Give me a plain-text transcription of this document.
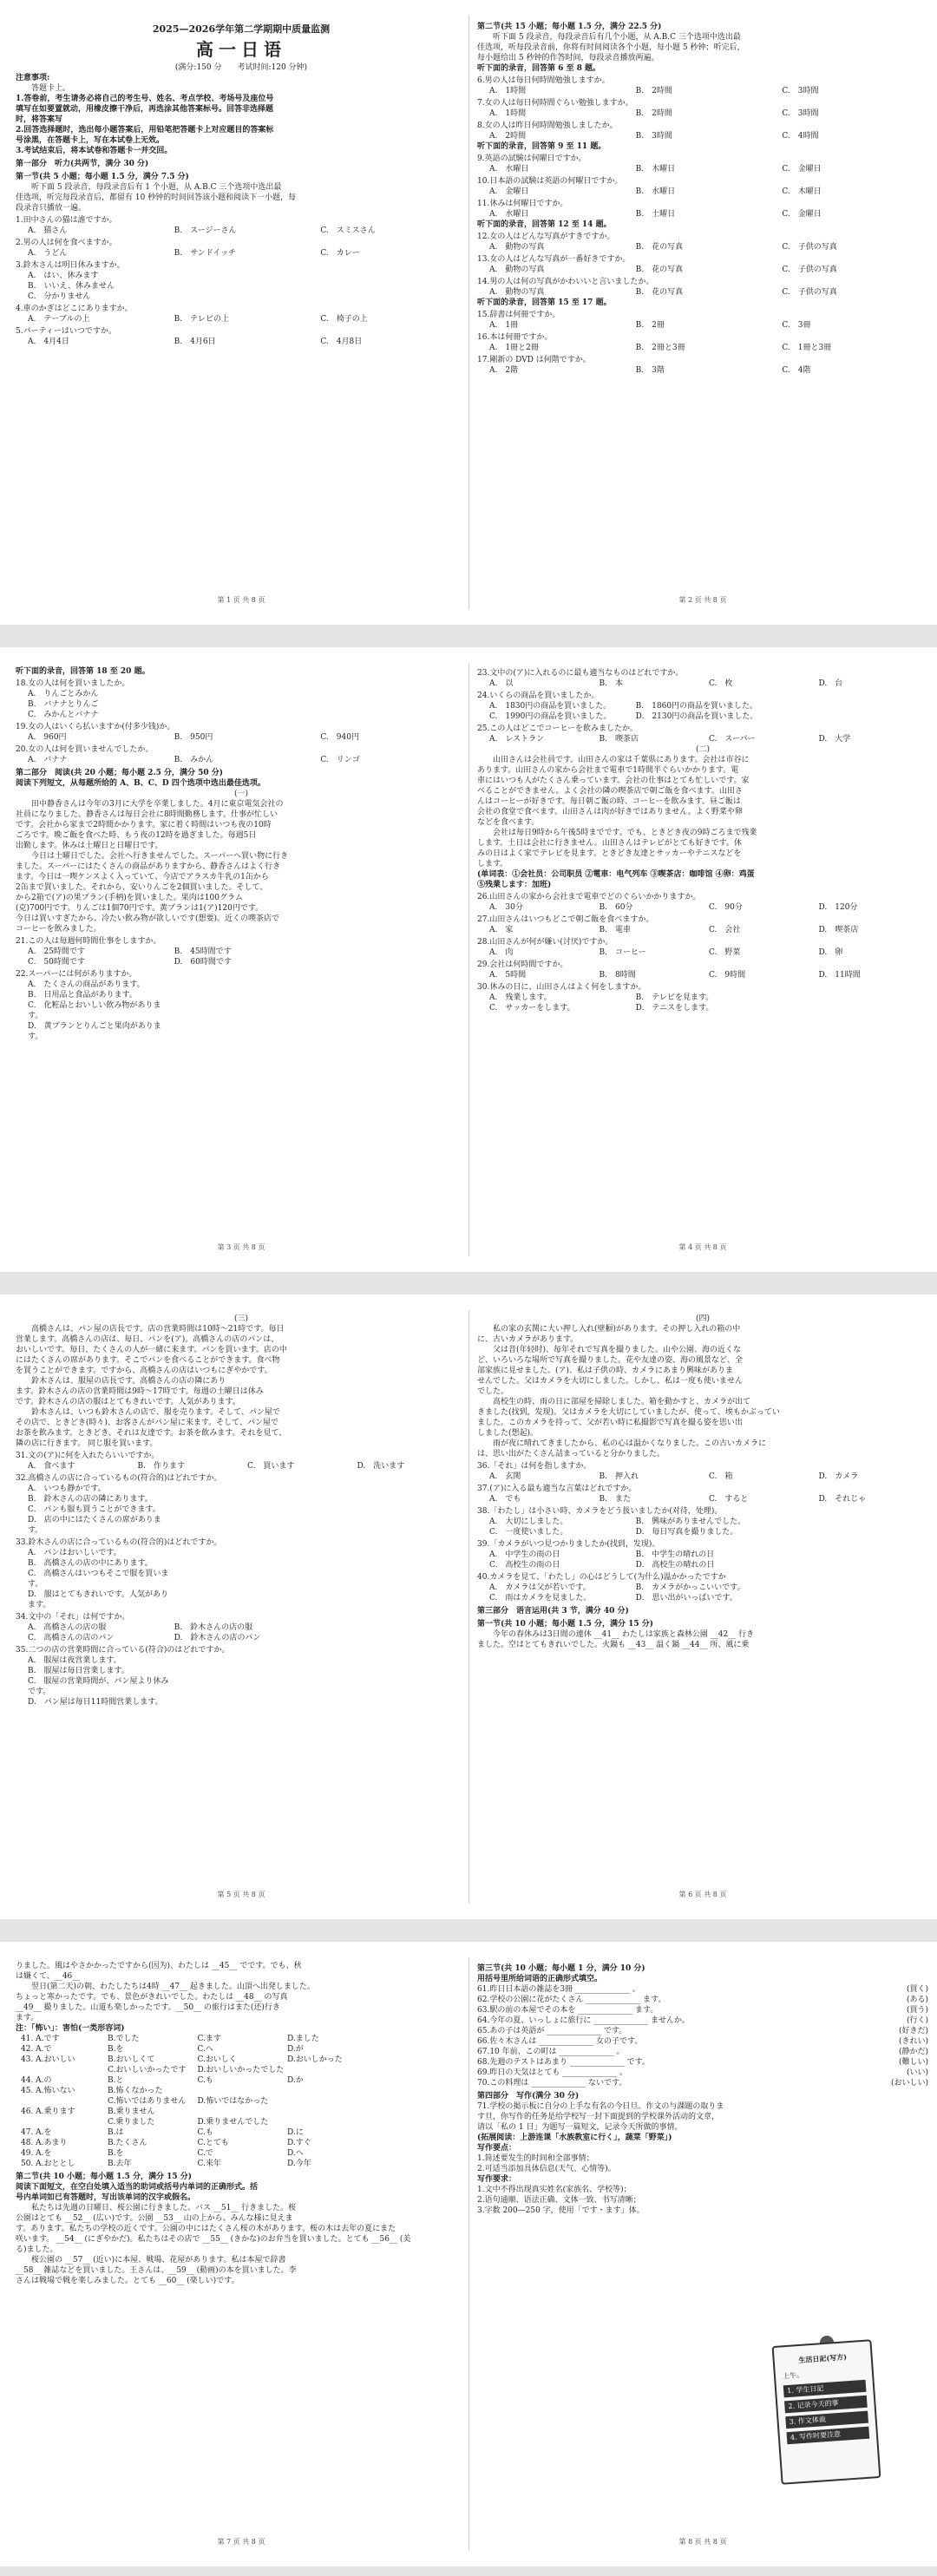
2025—2026学年第二学期期中质量监测
高一日语
(满分:150 分　　考试时间:120 分钟)
注意事项:
答题卡上。
1.答卷前，考生请务必将自己的考生号、姓名、考点学校、考场号及座位号
填写在如要置就动，用橡皮擦干净后，再选涂其他答案标号。回答非选择题
时，将答案写
2.回答选择题时，选出每小题答案后，用铅笔把答题卡上对应题目的答案标
号涂黑，在答题卡上，写在本试卷上无效。
3.考试结束后，将本试卷和答题卡一并交回。
第一部分　听力(共两节，满分 30 分)
第一节(共 5 小题；每小题 1.5 分，满分 7.5 分)
听下面 5 段录音，每段录音后有 1 个小题，从 A.B.C 三个选项中选出最
佳选项，听完每段录音后，都留有 10 秒钟的时间回答该小题和阅读下一小题，每
段录音只播放一遍。
1.田中さんの猫は誰ですか。
A.　猫さん	B.　スージーさん	C.　スミスさん
2.男の人は何を食べますか。
A.　うどん	B.　サンドイッチ	C.　カレー
3.鈴木さんは明日休みますか。
A.　はい、休みます
B.　いいえ、休みません
C.　分かりません
4.車のかぎはどこにありますか。
A.　テーブルの上	B.　テレビの上	C.　椅子の上
5.パーティーはいつですか。
A.　4月4日	B.　4月6日	C.　4月8日
第 1 页 共 8 页
第二节(共 15 小题；每小题 1.5 分，满分 22.5 分)
听下面 5 段录音，每段录音后有几个小题，从 A.B.C 三个选项中选出最
佳选项，听每段录音前，你将有时间阅读各个小题，每小题 5 秒钟；听完后，
每小题给出 5 秒钟的作答时间，每段录音播放两遍。
听下面的录音，回答第 6 至 8 题。
6.男の人は毎日何時間勉強しますか。
A.　1時間	B.　2時間	C.　3時間
7.女の人は毎日何時間ぐらい勉強しますか。
A.　1時間	B.　2時間	C.　3時間
8.女の人は昨日何時間勉強しましたか。
A.　2時間	B.　3時間	C.　4時間
听下面的录音，回答第 9 至 11 题。
9.英語の試験は何曜日ですか。
A.　水曜日	B.　木曜日	C.　金曜日
10.日本語の試験は英語の何曜日ですか。
A.　金曜日	B.　水曜日	C.　木曜日
11.休みは何曜日ですか。
A.　水曜日	B.　土曜日	C.　金曜日
听下面的录音，回答第 12 至 14 题。
12.女の人はどんな写真がすきですか。
A.　動物の写真	B.　花の写真	C.　子供の写真
13.女の人はどんな写真が一番好きですか。
A.　動物の写真	B.　花の写真	C.　子供の写真
14.男の人は何の写真がかわいいと言いましたか。
A.　動物の写真	B.　花の写真	C.　子供の写真
听下面的录音，回答第 15 至 17 题。
15.辞書は何冊ですか。
A.　1冊	B.　2冊	C.　3冊
16.本は何冊ですか。
A.　1冊と2冊	B.　2冊と3冊	C.　1冊と3冊
17.剛新の DVD は何階ですか。
A.　2階	B.　3階	C.　4階
第 2 页 共 8 页
听下面的录音，回答第 18 至 20 题。
18.女の人は何を買いましたか。
A.　りんごとみかん
B.　バナナとりんご
C.　みかんとバナナ
19.女の人はいくら払いますか(付多少钱)か。
A.　960円	B.　950円	C.　940円
20.女の人は何を買いませんでしたか。
A.　バナナ	B.　みかん	C.　リンゴ
第二部分　阅读(共 20 小题；每小题 2.5 分，满分 50 分)
阅读下列短文，从每题所给的 A、B、C、D 四个选项中选出最佳选项。
(一)
田中静香さんは今年の3月に大学を卒業しました。4月に東京電気会社の
社員になりました。静香さんは毎日会社に8時間勤務します。仕事が忙しい
です。会社から家まで2時間かかります。家に着く時間はいつも夜の10時
ごろです。晩ご飯を食べた時、もう夜の12時を過ぎました。毎週5日
出勤します。休みは土曜日と日曜日です。
今日は土曜日でした。会社へ行きませんでした。スーパーへ買い物に行き
ました。スーパーにはたくさんの商品がありますから、静香さんはよく行き
ます。今日は一喫ケンスよく入っていて、今店でアラスカ牛乳の1缶から
2缶まで買いました。それから、安いりんごを2個買いました。そして、
から2箱で(ア)の果プラン(手柄)を買いました。果肉は100グラム
(克)700円です。りんごは1個70円です。黄プランは1(ア)120円です。
今日は買いすぎたから、冷たい飲み物が欲しいです(想要)。近くの喫茶店で
コーヒーを飲みました。
21.この人は毎週何時間仕事をしますか。
A.　25時間です	B.　45時間です
C.　50時間です	D.　60時間です
22.スーパーには何がありますか。
A.　たくさんの商品があります。
B.　日用品と食品があります。
C.　化粧品とおいしい飲み物があります。
D.　黄プランとりんごと果肉があります。
第 3 页 共 8 页
23.文中の(ア)に入れるのに最も適当なものはどれですか。
A.　以	B.　本	C.　枚	D.　台
24.いくらの商品を買いましたか。
A.　1830円の商品を買いました。	B.　1860円の商品を買いました。
C.　1990円の商品を買いました。	D.　2130円の商品を買いました。
25.この人はどこでコーヒーを飲みましたか。
A.　レストラン	B.　喫茶店	C.　スーパー	D.　大学
(二)
山田さんは会社員です。山田さんの家は千葉県にあります。会社は市谷に
あります。山田さんの家から会社まで電車で1時間半ぐらいかかります。電
車にはいつも人がたくさん乗っています。会社の仕事はとても忙しいです。家
べることができません。よく会社の隣の喫茶店で朝ご飯を食べます。山田さ
んはコーヒーが好きです。毎日朝ご飯の時、コーヒーを飲みます。昼ご飯は
会社の食堂で食べます。山田さんは肉が好きではありません。よく野菜や卵
などを食べます。
会社は毎日9時から午後5時までです。でも、ときどき夜の9時ごろまで残業
します。土日は会社に行きません。山田さんはテレビがとても好きです。休
みの日はよく家でテレビを見ます。ときどき友達とサッカーやテニスなどを
します。
(单词表：①会社员：公司职员 ②電車：电气列车 ③喫茶店：咖啡馆 ④卵：鸡蛋
⑤残業します：加班)
26.山田さんの家から会社まで電車でどのぐらいかかりますか。
A.　30分	B.　60分	C.　90分	D.　120分
27.山田さんはいつもどこで朝ご飯を食べますか。
A.　家	B.　電車	C.　会社	D.　喫茶店
28.山田さんが何が嫌い(讨厌)ですか。
A.　肉	B.　コーヒー	C.　野菜	D.　卵
29.会社は何時間ですか。
A.　5時間	B.　8時間	C.　9時間	D.　11時間
30.休みの日に、山田さんはよく何をしますか。
A.　残業します。	B.　テレビを見ます。
C.　サッカーをします。	D.　テニスをします。
第 4 页 共 8 页
(三)
高橋さんは、パン屋の店長です。店の営業時間は10時～21時です。毎日
営業します。高橋さんの店は、毎日、パンを(ア)。高橋さんの店のパンは、
おいしいです。毎日、たくさんの人が一緒に来ます。パンを買います。店の中
にはたくさんの席があります。そこでパンを食べることができます。食べ物
を買うことができます。ですから、高橋さんの店はいつもにぎやかです。
鈴木さんは、服屋の店長です。高橋さんの店の隣にあり
ます。鈴木さんの店の営業時間は9時～17時です。毎週の土曜日は休み
です。鈴木さんの店の服はとてもきれいです。人気があります。
鈴木さんは、いつも鈴木さんの店で、服を売ります。そして、パン屋で
その店で、ときどき(時々)、お客さんがパン屋に来ます。そして、パン屋で
お茶を飲みます。ときどき、それは友達です。お茶を飲みます。それを見て、
隣の店に行きます。 同じ服を買います。
31.文の(ア)に何を入れたらいいですか。
A.　食べます	B.　作ります	C.　買います	D.　洗います
32.高橋さんの店に合っているもの(符合的)はどれですか。
A.　いつも静かです。
B.　鈴木さんの店の隣にあります。
C.　パンも服も買うことができます。
D.　店の中にはたくさんの席があります。
33.鈴木さんの店に合っているもの(符合的)はどれですか。
A.　パンはおいしいです。
B.　高橋さんの店の中にあります。
C.　高橋さんはいつもそこで服を買います。
D.　服はとてもきれいです。人気があります。
34.文中の「それ」は何ですか。
A.　高橋さんの店の服	B.　鈴木さんの店の服
C.　高橋さんの店のパン	D.　鈴木さんの店のパン
35.二つの店の営業時間に合っている(符合)のはどれですか。
A.　服屋は夜営業します。
B.　服屋は毎日営業します。
C.　服屋の営業時間が、パン屋より休みです。
D.　パン屋は毎日11時間営業します。
第 5 页 共 8 页
(四)
私の家の玄関に大い押し入れ(壁橱)があります。その押し入れの箱の中
に、古いカメラがあります。
父は昔(年轻时)、毎年それで写真を撮りました。山や公園、海の近くな
ど、いろいろな場所で写真を撮りました。花や友達の姿、海の風景など、全
部家族に見せました。(ア)、私は子供の時、カメラにあまり興味がありま
せんでした。父はカメラを大切にしました。しかし、私は一度も使いません
でした。
高校生の時、雨の日に部屋を掃除しました。箱を動かすと、カメラが出て
きました(找到，发现)。父はカメラを大切にしていましたが、使って、埃もかぶってい
ました。このカメラを持って、父が若い時に私撮影で写真を撮る姿を思い出
しました(想起)。
雨が夜に晴れてきましたから、私の心は温かくなりました。この古いカメラに
は、思い出がたくさん詰まっていると分かりました。
36.「それ」は何を指しますか。
A.　玄関	B.　押入れ	C.　箱	D.　カメラ
37.(ア)に入る最も適当な言葉はどれですか。
A.　でも	B.　また	C.　すると	D.　それじゃ
38.「わたし」は小さい時、カメラをどう扱いましたか(对待，处理)。
A.　大切にしました。	B.　興味がありませんでした。
C.　一度使いました。	D.　毎日写真を撮りました。
39.「カメラがいつ見つかりましたか(找到，发现)。
A.　中学生の雨の日	B.　中学生の晴れの日
C.　高校生の雨の日	D.　高校生の晴れの日
40.カメラを見て、「わたし」の心はどうして(为什么)温かかったですか
A.　カメラは父が若いです。	B.　カメラがかっこいいです。
C.　雨はカメラを見ました。	D.　思い出がいっぱいです。
第三部分　语言运用(共 3 节，满分 40 分)
第一节(共 10 小题；每小题 1.5 分，满分 15 分)
今年の春休みは3日間の連休 __41__ わたしは家族と森林公園 __42__ 行き
ました。空はとてもきれいでした。火鍋も __43__ 温く鍋 __44__ 所、風に乗
第 6 页 共 8 页
りました。風はやさかかったですから(因为)、わたしは __45__ でです。でも、秋
は嫌くて、__46__
翌日(第二天)の朝、わたしたちは4時 __47__ 起きました。山頂へ出発しました。
ちょっと寒かったです。でも、景色がきれいでした。わたしは __48__ の写真
__49__ 撮りました。山道も楽しかったです。__50__ の旅行はまた(还)行き
ます。
注：「怖い」：害怕(一类形容词)
41. A.です	B.でした	C.ます	D.ました
42. A.で	B.を	C.へ	D.が
43. A.おいしい	B.おいしくて	C.おいしく	D.おいしかった
C.おいしいかったです	D.おいしいかったでした
44. A.の	B.と	C.も	D.か
45. A.怖いない	B.怖くなかった
C.怖いではありません	D.怖いではなかった
46. A.乗ります	B.乗りません
C.乗りました	D.乗りませんでした
47. A.を	B.は	C.も	D.に
48. A.あまり	B.たくさん	C.とても	D.すぐ
49. A.を	B.を	C.で	D.へ
50. A.おととし	B.去年	C.来年	D.今年
第二节(共 10 小题；每小题 1.5 分，满分 15 分)
阅读下面短文，在空白处填入适当的助词或括号内单词的正确形式。括
号内单词如已有答题时，写出该单词的汉字或假名。
私たちは先週の日曜日、桜公園に行きました。バス __51__ 行きました。桜
公園はとても __52__ (広い)です。公園 __53__ 山の上から、みんな様に見えま
す。あります。私たちの学校の近くです。公園の中にはたくさん桜の木があります。桜の木は去年の夏にまた
咲います。 __54__ (にぎやかだ)。私たちはその店で __55__ (きかな)のお弁当を買いました。とても __56__ (美
る)ました。
桜公園の __57__ (近い)に本屋、戦場、花屋があります。私は本屋で辞書
__58__ 雑誌などを買いました。王さんは、__59__ (動画)の本を買いました。李
さんは戦場で戦を楽しみました。とても __60__ (楽しい)です。
第 7 页 共 8 页
第三节(共 10 小题；每小题 1 分，满分 10 分)
用括号里所给词语的正确形式填空。
61.昨日日本語の雑誌を3冊 ______________ 。	(買く)
62.学校の公園に花がたくさん ______________ ます。	(ある)
63.駅の前の本屋でその本を ______________ ます。	(買う)
64.今年の夏、いっしょに旅行に ______________ ませんか。	(行く)
65.あの子は英語が ______________ です。	(好きだ)
66.佐々木さんは ______________ 女の子です。	(きれい)
67.10 年前、この町は ______________ 。	(静かだ)
68.先週のテストはあまり ______________ です。	(難しい)
69.昨日の天気はとても ______________ 。	(いい)
70.この料理は ______________ ないです。	(おいしい)
第四部分　写作(满分 30 分)
71.学校の掲示板に自分の上手な有名の今日旦。作文の与課題の取りま
す旦，你写作的任务是给学校写一封下面提到的学校课外活动的文章，
请以「私の 1 日」为题写一篇短文，记录今天所做的事情。
(拓展阅读：上游连课「水族教室に行く」，蔬菜「野菜」)
写作要点：
1.简述要发生的时间和全部事情；
2.可适当添加具体信息(天气、心情等)。
写作要求：
1.文中不得出现真实姓名(家族名、学校等)；
2.语句通顺、语法正确、文体一致、书写清晰；
3.字数 200—250 字，使用「です・ます」体。
生活日記(写方)
上午。
1. 学生日記
2. 记录今天的事
3. 作文体裁
4. 写作时要注意
第 8 页 共 8 页
